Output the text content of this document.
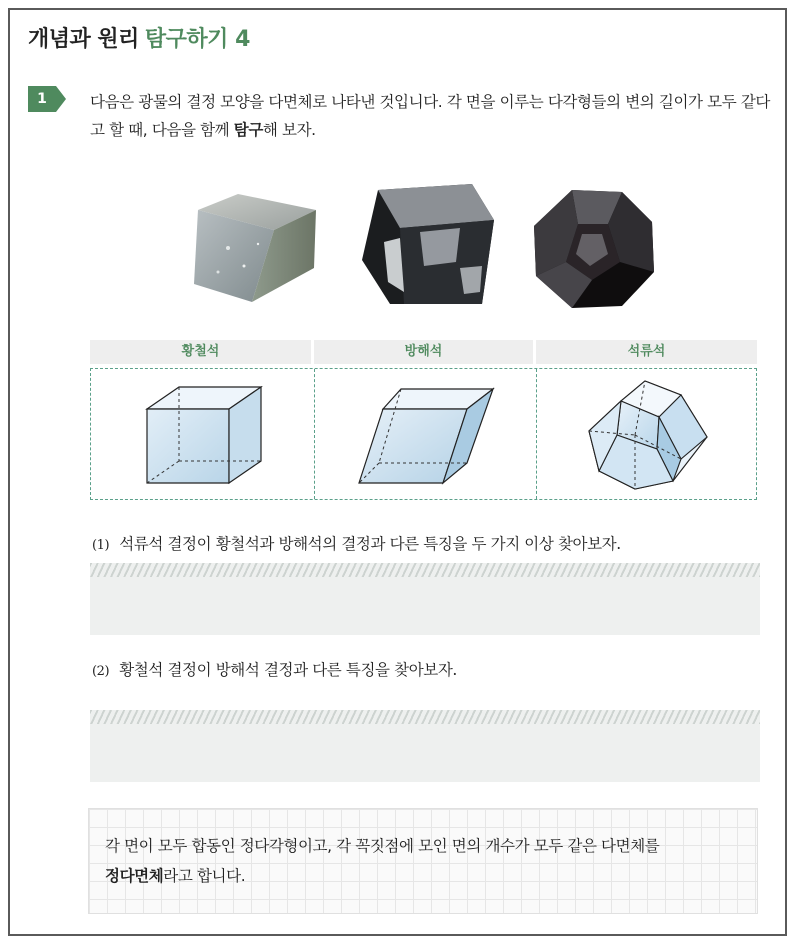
개념과 원리 탐구하기 4
1	다음은 광물의 결정 모양을 다면체로 나타낸 것입니다. 각 면을 이루는 다각형들의 변의 길이가 모두 같다고 할 때, 다음을 함께 탐구해 보자.
황철석	방해석	석류석
(1) 석류석 결정이 황철석과 방해석의 결정과 다른 특징을 두 가지 이상 찾아보자.
(2) 황철석 결정이 방해석 결정과 다른 특징을 찾아보자.
각 면이 모두 합동인 정다각형이고, 각 꼭짓점에 모인 면의 개수가 모두 같은 다면체를
정다면체라고 합니다.
